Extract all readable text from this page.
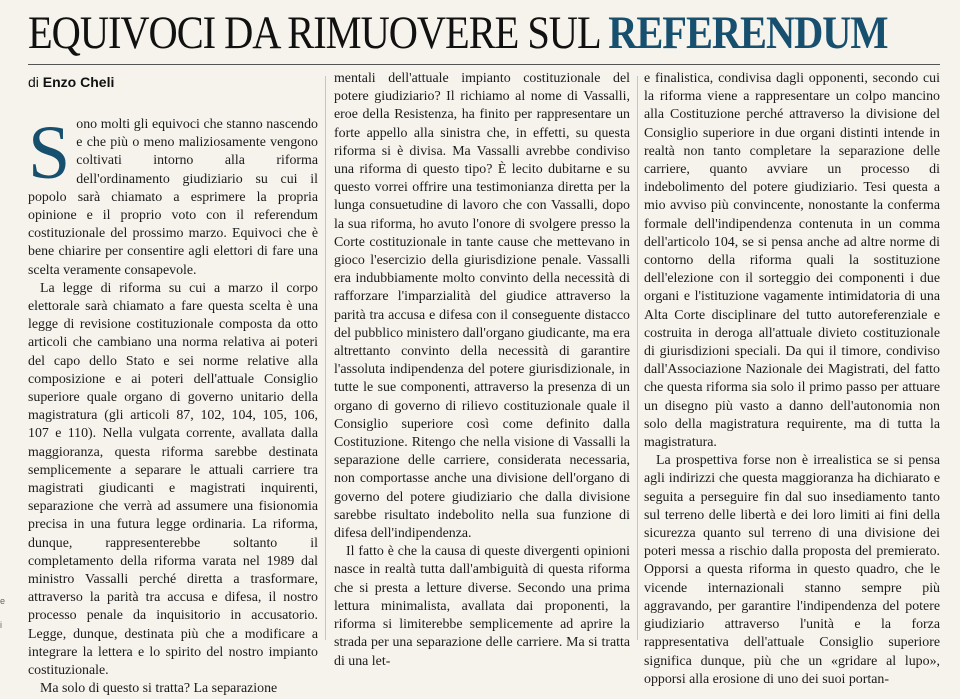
EQUIVOCI DA RIMUOVERE SUL REFERENDUM
di Enzo Cheli

Sono molti gli equivoci che stanno nascendo e che più o meno maliziosamente vengono coltivati intorno alla riforma dell'ordinamento giudiziario su cui il popolo sarà chiamato a esprimere la propria opinione e il proprio voto con il referendum costituzionale del prossimo marzo. Equivoci che è bene chiarire per consentire agli elettori di fare una scelta veramente consapevole.

La legge di riforma su cui a marzo il corpo elettorale sarà chiamato a fare questa scelta è una legge di revisione costituzionale composta da otto articoli che cambiano una norma relativa ai poteri del capo dello Stato e sei norme relative alla composizione e ai poteri dell'attuale Consiglio superiore quale organo di governo unitario della magistratura (gli articoli 87, 102, 104, 105, 106, 107 e 110). Nella vulgata corrente, avallata dalla maggioranza, questa riforma sarebbe destinata semplicemente a separare le attuali carriere tra magistrati giudicanti e magistrati inquirenti, separazione che verrà ad assumere una fisionomia precisa in una futura legge ordinaria. La riforma, dunque, rappresenterebbe soltanto il completamento della riforma varata nel 1989 dal ministro Vassalli perché diretta a trasformare, attraverso la parità tra accusa e difesa, il nostro processo penale da inquisitorio in accusatorio. Legge, dunque, destinata più che a modificare a integrare la lettera e lo spirito del nostro impianto costituzionale.

Ma solo di questo si tratta? La separazione

mentali dell'attuale impianto costituzionale del potere giudiziario? Il richiamo al nome di Vassalli, eroe della Resistenza, ha finito per rappresentare un forte appello alla sinistra che, in effetti, su questa riforma si è divisa. Ma Vassalli avrebbe condiviso una riforma di questo tipo? È lecito dubitarne e su questo vorrei offrire una testimonianza diretta per la lunga consuetudine di lavoro che con Vassalli, dopo la sua riforma, ho avuto l'onore di svolgere presso la Corte costituzionale in tante cause che mettevano in gioco l'esercizio della giurisdizione penale. Vassalli era indubbiamente molto convinto della necessità di rafforzare l'imparzialità del giudice attraverso la parità tra accusa e difesa con il conseguente distacco del pubblico ministero dall'organo giudicante, ma era altrettanto convinto della necessità di garantire l'assoluta indipendenza del potere giurisdizionale, in tutte le sue componenti, attraverso la presenza di un organo di governo di rilievo costituzionale quale il Consiglio superiore così come definito dalla Costituzione. Ritengo che nella visione di Vassalli la separazione delle carriere, considerata necessaria, non comportasse anche una divisione dell'organo di governo del potere giudiziario che dalla divisione sarebbe risultato indebolito nella sua funzione di difesa dell'indipendenza.

Il fatto è che la causa di queste divergenti opinioni nasce in realtà tutta dall'ambiguità di questa riforma che si presta a letture diverse. Secondo una prima lettura minimalista, avallata dai proponenti, la riforma si limiterebbe semplicemente ad aprire la strada per una separazione delle carriere. Ma si tratta di una let-

e finalistica, condivisa dagli opponenti, secondo cui la riforma viene a rappresentare un colpo mancino alla Costituzione perché attraverso la divisione del Consiglio superiore in due organi distinti intende in realtà non tanto completare la separazione delle carriere, quanto avviare un processo di indebolimento del potere giudiziario. Tesi questa a mio avviso più convincente, nonostante la conferma formale dell'indipendenza contenuta in un comma dell'articolo 104, se si pensa anche ad altre norme di contorno della riforma quali la sostituzione dell'elezione con il sorteggio dei componenti i due organi e l'istituzione vagamente intimidatoria di una Alta Corte disciplinare del tutto autoreferenziale e costruita in deroga all'attuale divieto costituzionale di giurisdizioni speciali. Da qui il timore, condiviso dall'Associazione Nazionale dei Magistrati, del fatto che questa riforma sia solo il primo passo per attuare un disegno più vasto a danno dell'autonomia non solo della magistratura requirente, ma di tutta la magistratura.

La prospettiva forse non è irrealistica se si pensa agli indirizzi che questa maggioranza ha dichiarato e seguita a perseguire fin dal suo insediamento tanto sul terreno delle libertà e dei loro limiti ai fini della sicurezza quanto sul terreno di una divisione dei poteri messa a rischio dalla proposta del premierato. Opporsi a questa riforma in questo quadro, che le vicende internazionali stanno sempre più aggravando, per garantire l'indipendenza del potere giudiziario attraverso l'unità e la forza rappresentativa dell'attuale Consiglio superiore significa dunque, più che un «gridare al lupo», opporsi alla erosione di uno dei suoi portan-

e
i
